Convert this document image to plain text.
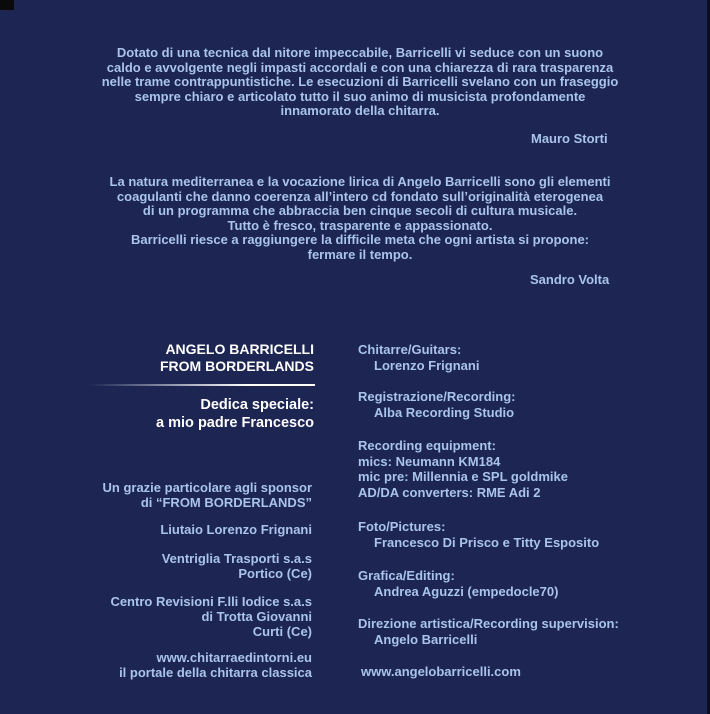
Dotato di una tecnica dal nitore impeccabile, Barricelli vi seduce con un suono

caldo e avvolgente negli impasti accordali e con una chiarezza di rara trasparenza

nelle trame contrappuntistiche. Le esecuzioni di Barricelli svelano con un fraseggio

sempre chiaro e articolato tutto il suo animo di musicista profondamente

innamorato della chitarra.

Mauro Storti

La natura mediterranea e la vocazione lirica di Angelo Barricelli sono gli elementi

coagulanti che danno coerenza all’intero cd fondato sull’originalità eterogenea

di un programma che abbraccia ben cinque secoli di cultura musicale.

Tutto è fresco, trasparente e appassionato.

Barricelli riesce a raggiungere la difficile meta che ogni artista si propone:

fermare il tempo.

Sandro Volta
ANGELO BARRICELLI
FROM BORDERLANDS
Dedica speciale:
a mio padre Francesco

Un grazie particolare agli sponsor

di “FROM BORDERLANDS”

Liutaio Lorenzo Frignani

Ventriglia Trasporti s.a.s

Portico (Ce)

Centro Revisioni F.lli Iodice s.a.s

di Trotta Giovanni

Curti (Ce)

www.chitarraedintorni.eu

il portale della chitarra classica

Chitarre/Guitars:
Lorenzo Frignani
Registrazione/Recording:
Alba Recording Studio
Recording equipment:
mics: Neumann KM184
mic pre: Millennia e SPL goldmike
AD/DA converters: RME Adi 2
Foto/Pictures:
Francesco Di Prisco e Titty Esposito
Grafica/Editing:
Andrea Aguzzi (empedocle70)
Direzione artistica/Recording supervision:
Angelo Barricelli
www.angelobarricelli.com
